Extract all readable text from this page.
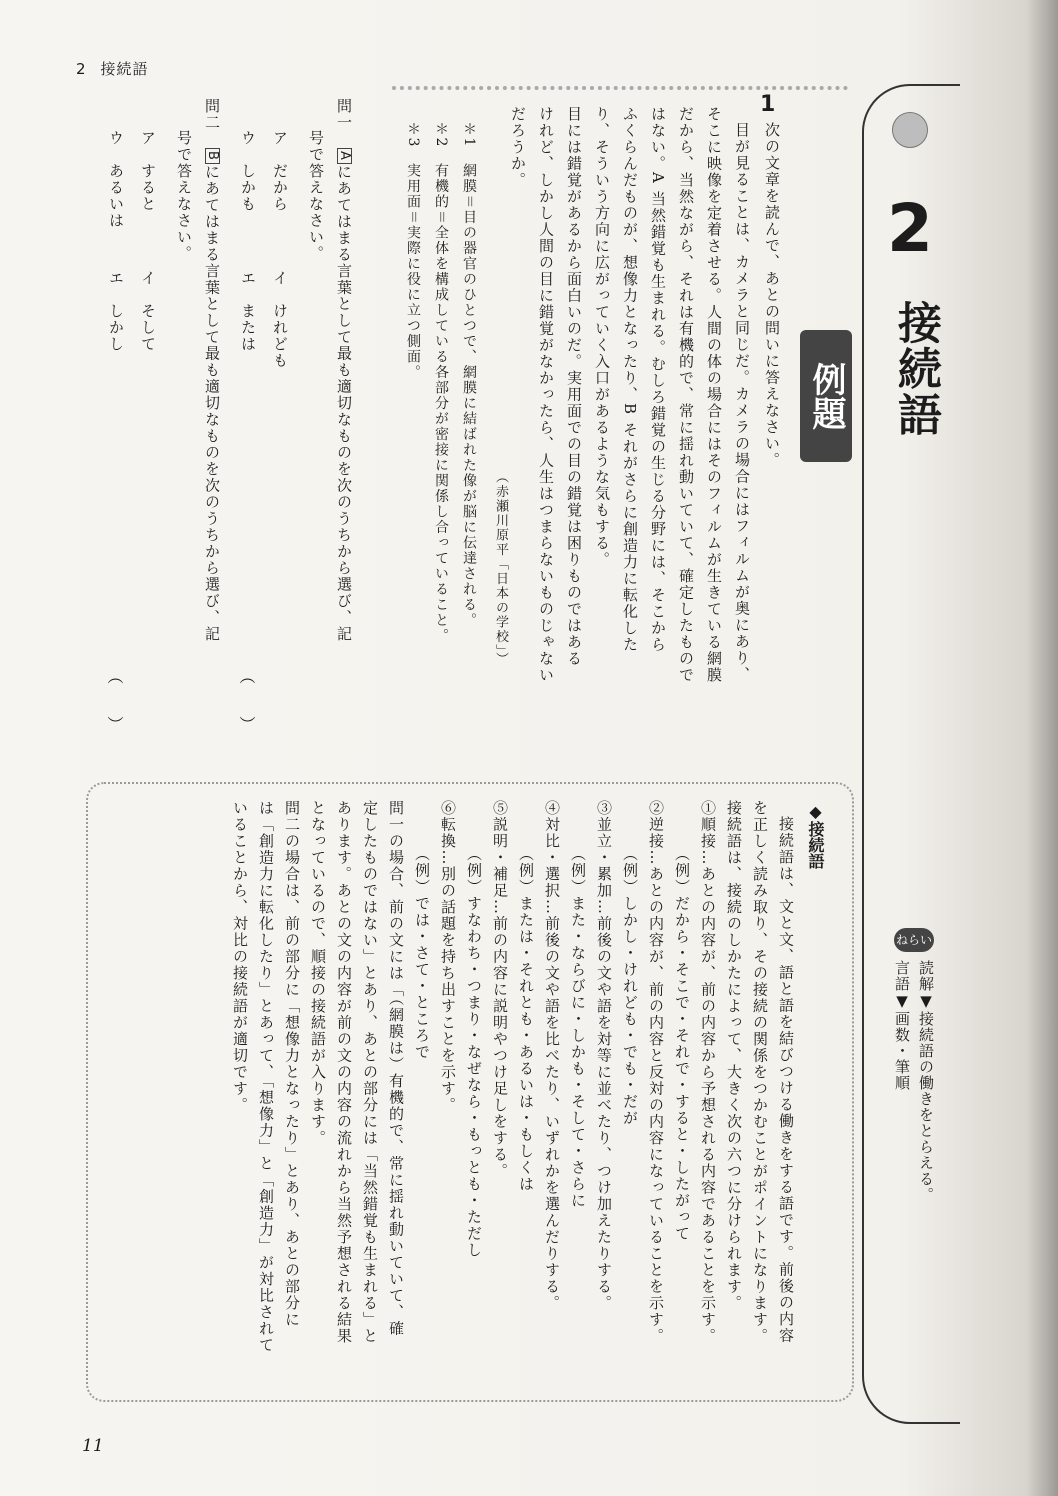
2 接続語
2
接続語
例題
1
次の文章を読んで、あとの問いに答えなさい。
目が見ることは、カメラと同じだ。カメラの場合にはフィルムが奥にあり、
そこに映像を定着させる。人間の体の場合にはそのフィルムが生きている網膜
だから、当然ながら、それは有機的で、常に揺れ動いていて、確定したもので
はない。A 当然錯覚も生まれる。むしろ錯覚の生じる分野には、そこから
ふくらんだものが、想像力となったり、B それがさらに創造力に転化した
り、そういう方向に広がっていく入口があるような気もする。
目には錯覚があるから面白いのだ。実用面での目の錯覚は困りものではある
けれど、しかし人間の目に錯覚がなかったら、人生はつまらないものじゃない
だろうか。
（赤瀬川原平「日本の学校」）
＊1　網膜＝目の器官のひとつで、網膜に結ばれた像が脳に伝達される。
＊2　有機的＝全体を構成している各部分が密接に関係し合っていること。
＊3　実用面＝実際に役に立つ側面。
問一　Aにあてはまる言葉として最も適切なものを次のうちから選び、記
号で答えなさい。
ア　だから
イ　けれども
ウ　しかも
エ　または
（　）
問二　Bにあてはまる言葉として最も適切なものを次のうちから選び、記
号で答えなさい。
ア　すると
イ　そして
ウ　あるいは
エ　しかし
（　）
ねらい
読解▼接続語の働きをとらえる。
言語▼画数・筆順
◆接続語
接続語は、文と文、語と語を結びつける働きをする語です。前後の内容
を正しく読み取り、その接続の関係をつかむことがポイントになります。
接続語は、接続のしかたによって、大きく次の六つに分けられます。
①順接…あとの内容が、前の内容から予想される内容であることを示す。
（例）だから・そこで・それで・すると・したがって
②逆接…あとの内容が、前の内容と反対の内容になっていることを示す。
（例）しかし・けれども・でも・だが
③並立・累加…前後の文や語を対等に並べたり、つけ加えたりする。
（例）また・ならびに・しかも・そして・さらに
④対比・選択…前後の文や語を比べたり、いずれかを選んだりする。
（例）または・それとも・あるいは・もしくは
⑤説明・補足…前の内容に説明やつけ足しをする。
（例）すなわち・つまり・なぜなら・もっとも・ただし
⑥転換…別の話題を持ち出すことを示す。
（例）では・さて・ところで
問一の場合、前の文には「（網膜は）有機的で、常に揺れ動いていて、確
定したものではない」とあり、あとの部分には「当然錯覚も生まれる」と
あります。あとの文の内容が前の文の内容の流れから当然予想される結果
となっているので、順接の接続語が入ります。
問二の場合は、前の部分に「想像力となったり」とあり、あとの部分に
は「創造力に転化したり」とあって、「想像力」と「創造力」が対比されて
いることから、対比の接続語が適切です。
11
